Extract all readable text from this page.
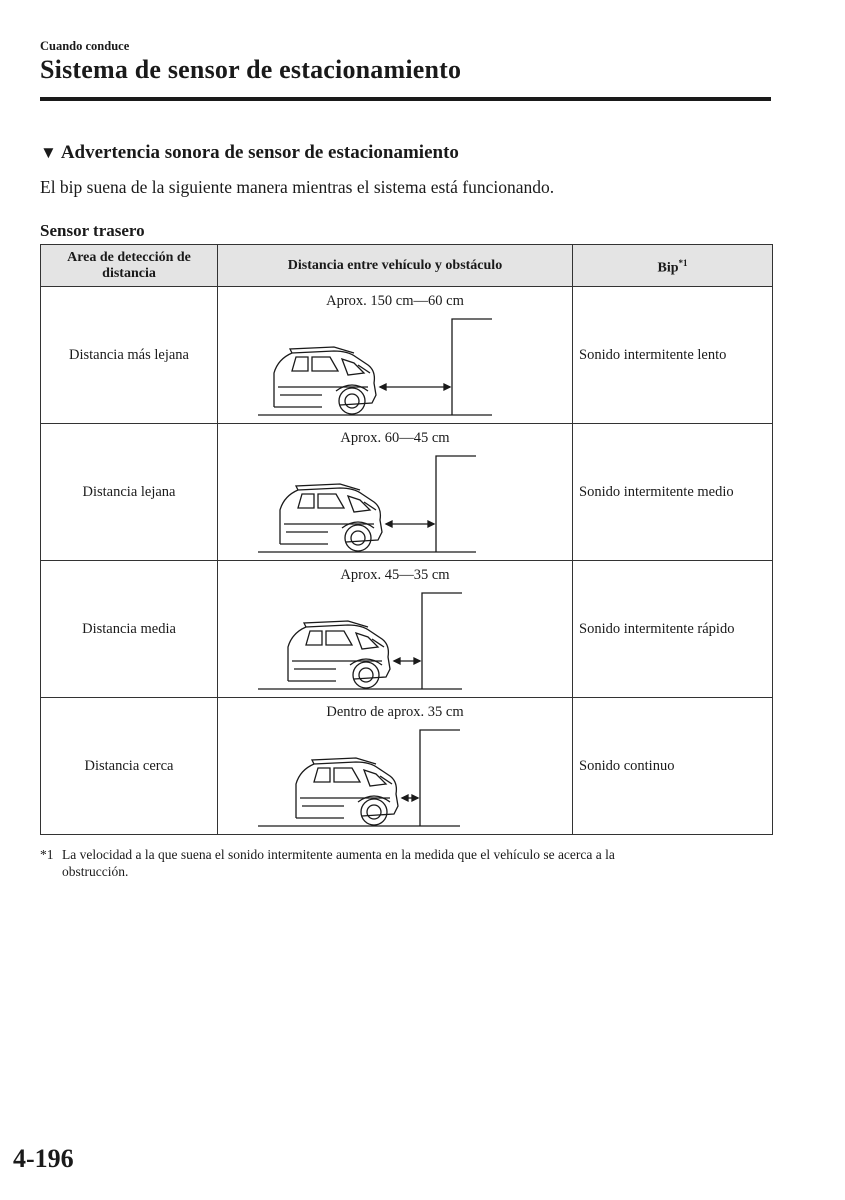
Cuando conduce
Sistema de sensor de estacionamiento
▼ Advertencia sonora de sensor de estacionamiento
El bip suena de la siguiente manera mientras el sistema está funcionando.
Sensor trasero
Area de detección de distancia	Distancia entre vehículo y obstáculo	Bip$^{*1}$
Distancia más lejana	Aprox. 150 cm—60 cm	Sonido intermitente lento
Distancia lejana	Aprox. 60—45 cm	Sonido intermitente medio
Distancia media	Aprox. 45—35 cm	Sonido intermitente rápido
Distancia cerca	Dentro de aprox. 35 cm	Sonido continuo
*1 La velocidad a la que suena el sonido intermitente aumenta en la medida que el vehículo se acerca a la
obstrucción.
4-196
